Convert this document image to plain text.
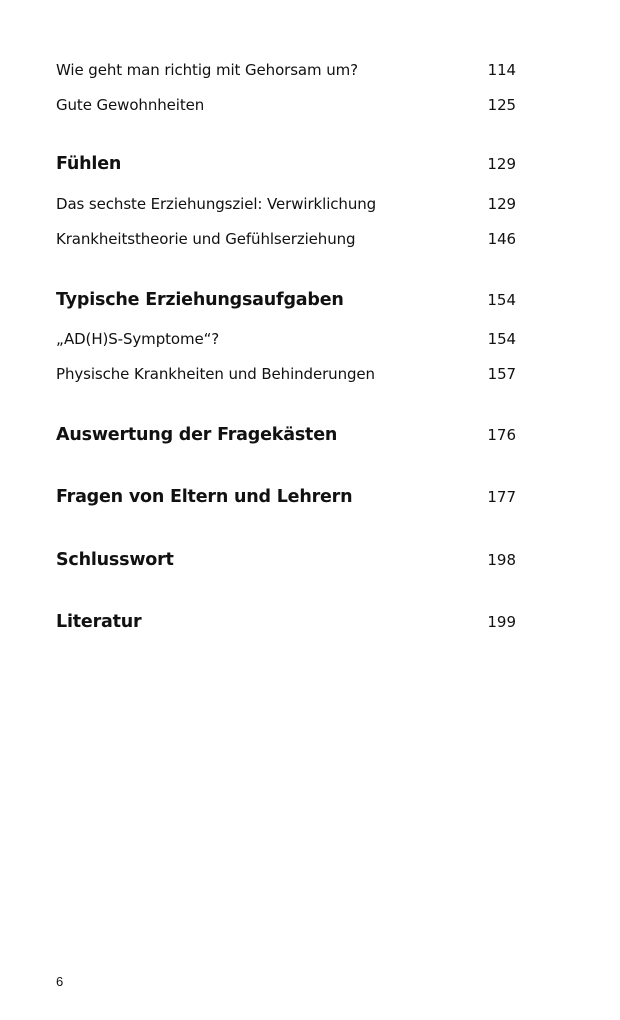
Wie geht man richtig mit Gehorsam um?	114
Gute Gewohnheiten	125
Fühlen	129
Das sechste Erziehungsziel: Verwirklichung	129
Krankheitstheorie und Gefühlserziehung	146
Typische Erziehungsaufgaben	154
„AD(H)S-Symptome“?	154
Physische Krankheiten und Behinderungen	157
Auswertung der Fragekästen	176
Fragen von Eltern und Lehrern	177
Schlusswort	198
Literatur	199
6
